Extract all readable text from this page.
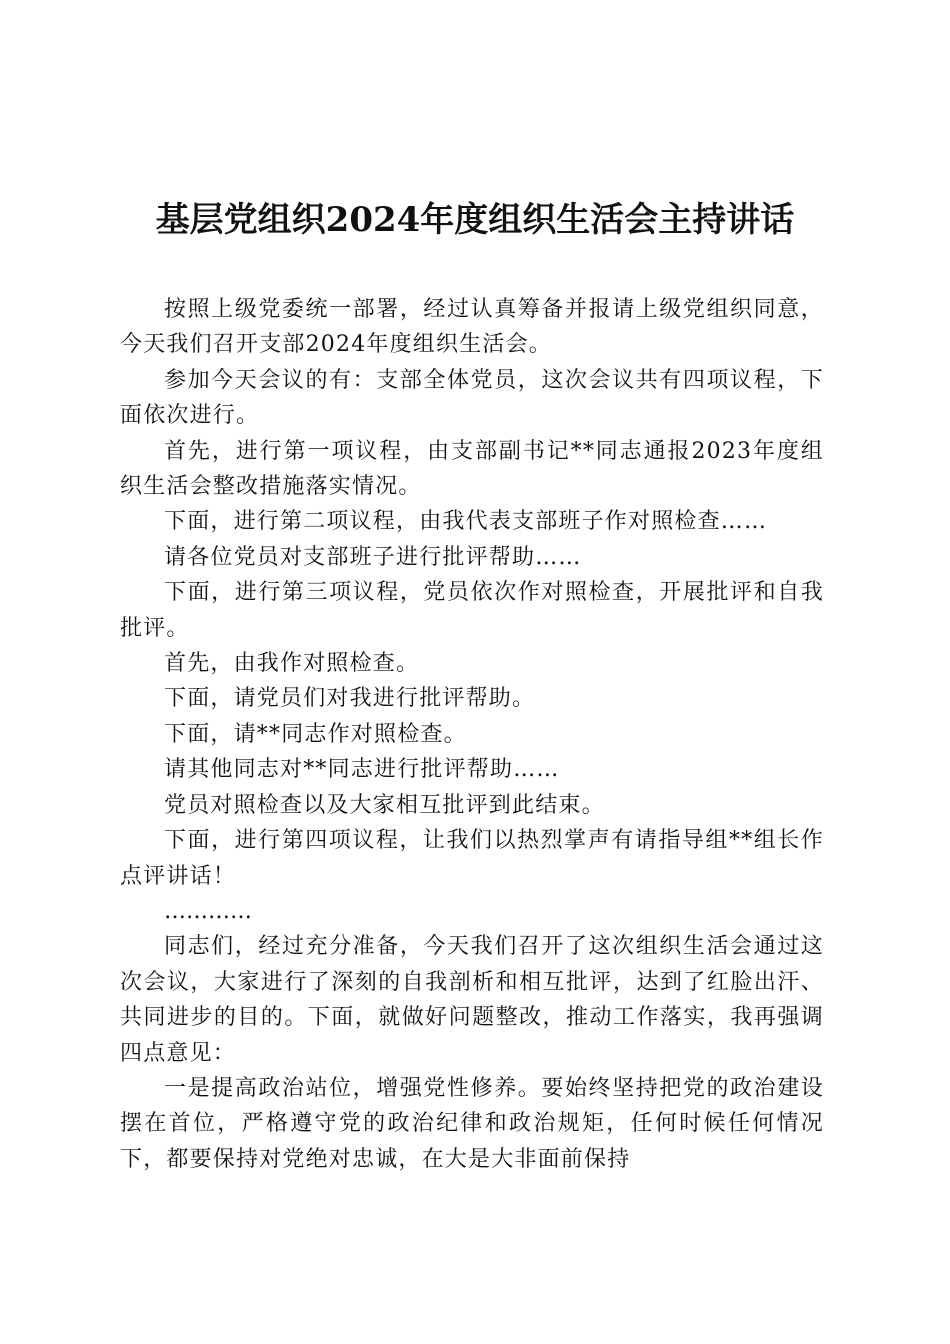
基层党组织2024年度组织生活会主持讲话

按照上级党委统一部署，经过认真筹备并报请上级党组织同意，今天我们召开支部2024年度组织生活会。

参加今天会议的有：支部全体党员，这次会议共有四项议程，下面依次进行。

首先，进行第一项议程，由支部副书记**同志通报2023年度组织生活会整改措施落实情况。

下面，进行第二项议程，由我代表支部班子作对照检查……

请各位党员对支部班子进行批评帮助……

下面，进行第三项议程，党员依次作对照检查，开展批评和自我批评。

首先，由我作对照检查。

下面，请党员们对我进行批评帮助。

下面，请**同志作对照检查。

请其他同志对**同志进行批评帮助……

党员对照检查以及大家相互批评到此结束。

下面，进行第四项议程，让我们以热烈掌声有请指导组**组长作点评讲话！

…………

同志们，经过充分准备，今天我们召开了这次组织生活会通过这次会议，大家进行了深刻的自我剖析和相互批评，达到了红脸出汗、共同进步的目的。下面，就做好问题整改，推动工作落实，我再强调四点意见：

一是提高政治站位，增强党性修养。要始终坚持把党的政治建设摆在首位，严格遵守党的政治纪律和政治规矩，任何时候任何情况下，都要保持对党绝对忠诚，在大是大非面前保持
